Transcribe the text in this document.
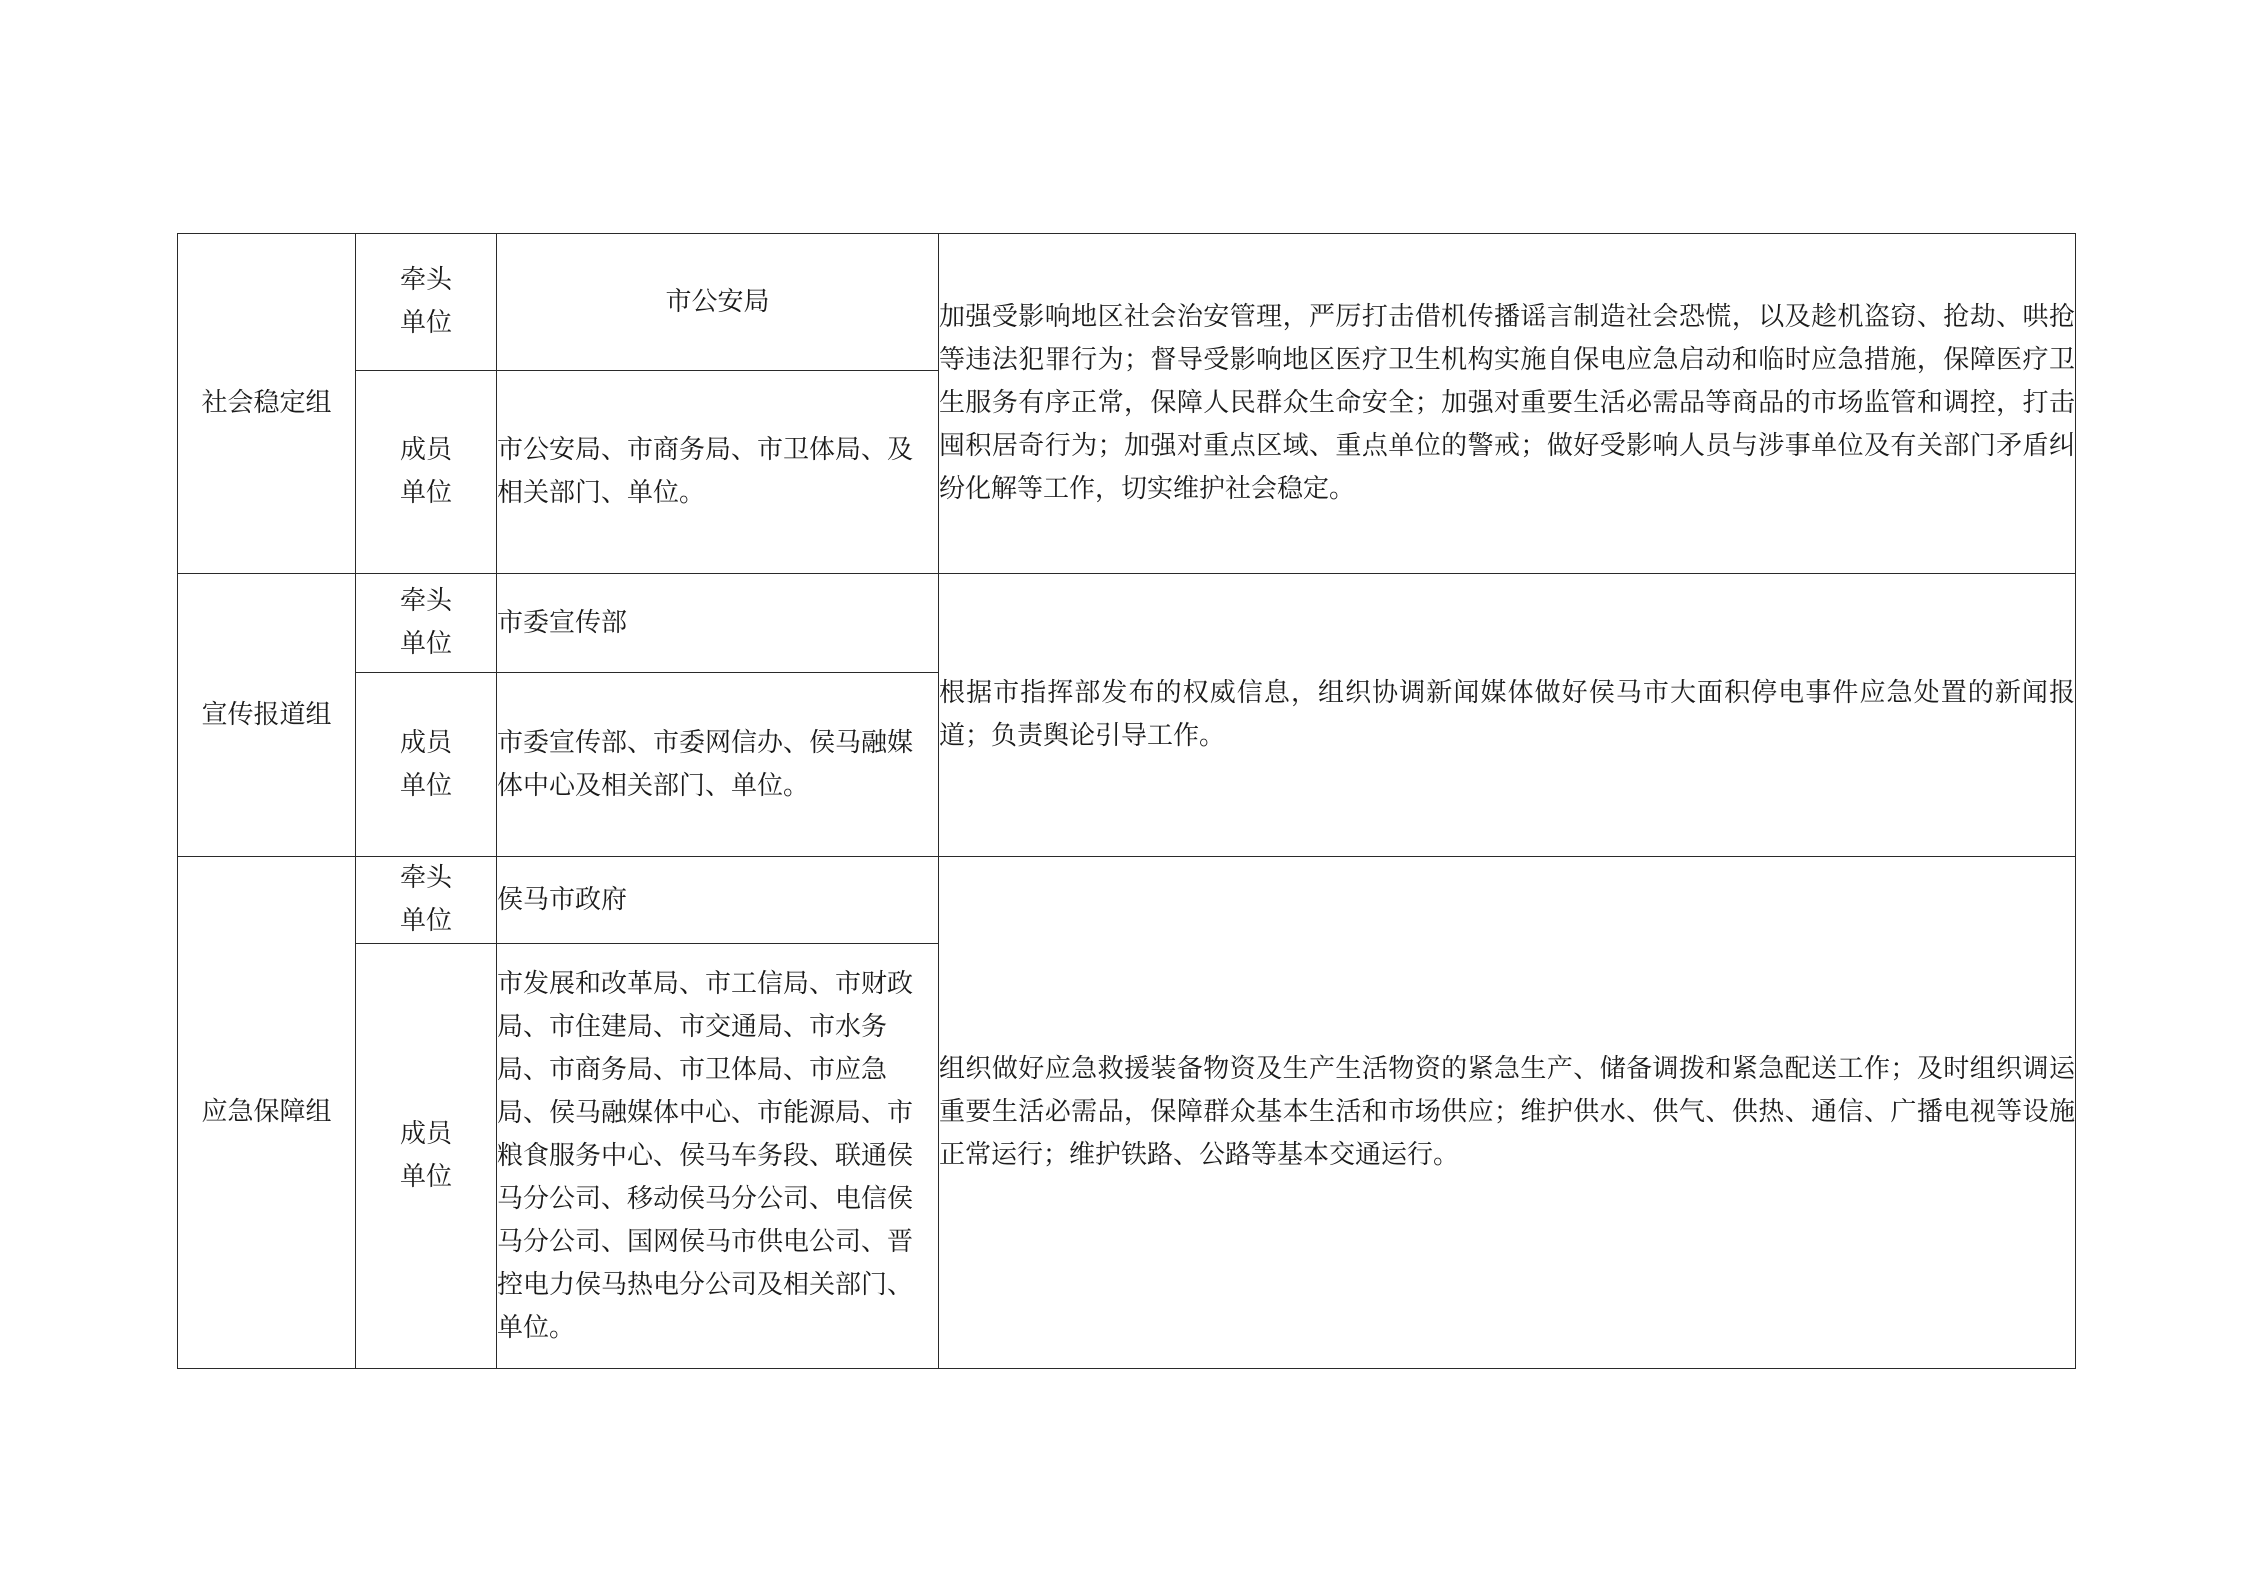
社会稳定组	牵头单位	市公安局	加强受影响地区社会治安管理，严厉打击借机传播谣言制造社会恐慌，以及趁机盗窃、抢劫、哄抢等违法犯罪行为；督导受影响地区医疗卫生机构实施自保电应急启动和临时应急措施，保障医疗卫生服务有序正常，保障人民群众生命安全；加强对重要生活必需品等商品的市场监管和调控，打击囤积居奇行为；加强对重点区域、重点单位的警戒；做好受影响人员与涉事单位及有关部门矛盾纠纷化解等工作，切实维护社会稳定。
	成员单位	市公安局、市商务局、市卫体局、及相关部门、单位。	
宣传报道组	牵头单位	市委宣传部	根据市指挥部发布的权威信息，组织协调新闻媒体做好侯马市大面积停电事件应急处置的新闻报道；负责舆论引导工作。
	成员单位	市委宣传部、市委网信办、侯马融媒体中心及相关部门、单位。	
应急保障组	牵头单位	侯马市政府	组织做好应急救援装备物资及生产生活物资的紧急生产、储备调拨和紧急配送工作；及时组织调运重要生活必需品，保障群众基本生活和市场供应；维护供水、供气、供热、通信、广播电视等设施正常运行；维护铁路、公路等基本交通运行。
	成员单位	市发展和改革局、市工信局、市财政局、市住建局、市交通局、市水务局、市商务局、市卫体局、市应急局、侯马融媒体中心、市能源局、市粮食服务中心、侯马车务段、联通侯马分公司、移动侯马分公司、电信侯马分公司、国网侯马市供电公司、晋控电力侯马热电分公司及相关部门、单位。	
